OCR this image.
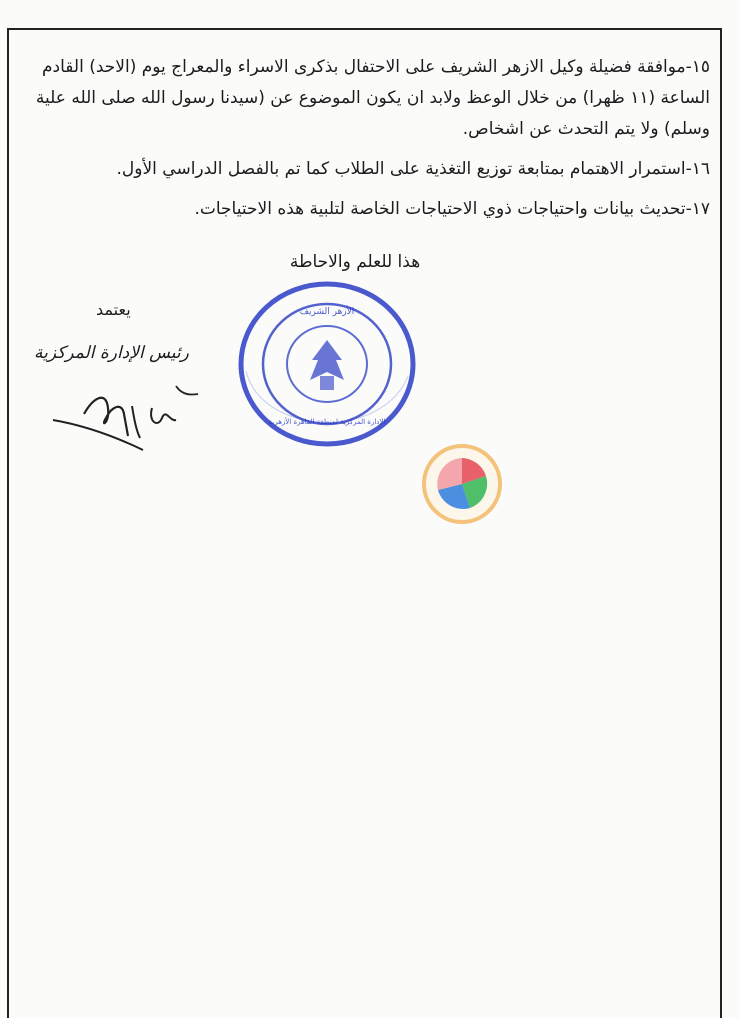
١٥-موافقة فضيلة وكيل الازهر الشريف على الاحتفال بذكرى الاسراء والمعراج يوم (الاحد) القادم الساعة (١١ ظهرا) من خلال الوعظ ولابد ان يكون الموضوع عن (سيدنا رسول الله صلى الله علية وسلم) ولا يتم التحدث عن اشخاص.

١٦-استمرار الاهتمام بمتابعة توزيع التغذية على الطلاب كما تم بالفصل الدراسي الأول.

١٧-تحديث بيانات واحتياجات ذوي الاحتياجات الخاصة لتلبية هذه الاحتياجات.

هذا للعلم والاحاطة
يعتمد
رئيس الإدارة المركزية
الأزهر الشريف
الإدارة المركزية لمنطقة القاهرة الأزهرية
